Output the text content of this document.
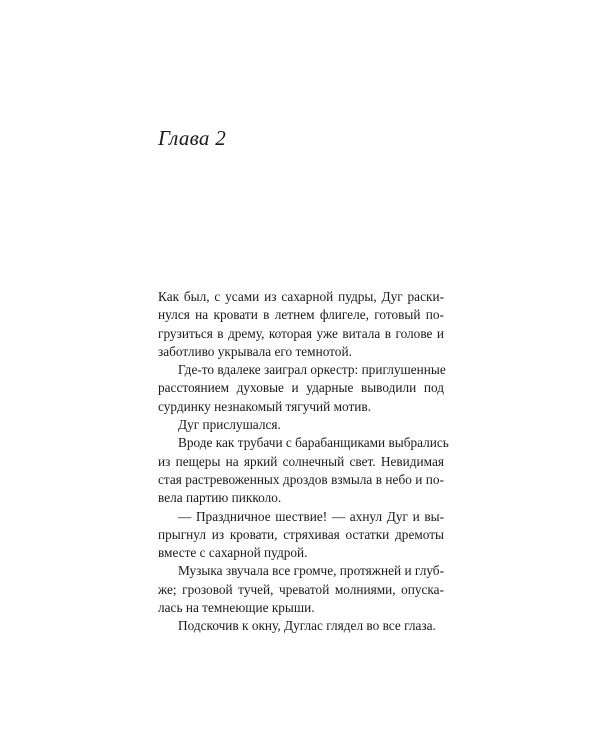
Глава 2

Как был, с усами из сахарной пудры, Дуг раски-
нулся на кровати в летнем флигеле, готовый по-
грузиться в дрему, которая уже витала в голове и
заботливо укрывала его темнотой.

Где-то вдалеке заиграл оркестр: приглушенные
расстоянием духовые и ударные выводили под
сурдинку незнакомый тягучий мотив.

Дуг прислушался.

Вроде как трубачи с барабанщиками выбрались
из пещеры на яркий солнечный свет. Невидимая
стая растревоженных дроздов взмыла в небо и по-
вела партию пикколо.

— Праздничное шествие! — ахнул Дуг и вы-
прыгнул из кровати, стряхивая остатки дремоты
вместе с сахарной пудрой.

Музыка звучала все громче, протяжней и глуб-
же; грозовой тучей, чреватой молниями, опуска-
лась на темнеющие крыши.

Подскочив к окну, Дуглас глядел во все глаза.
